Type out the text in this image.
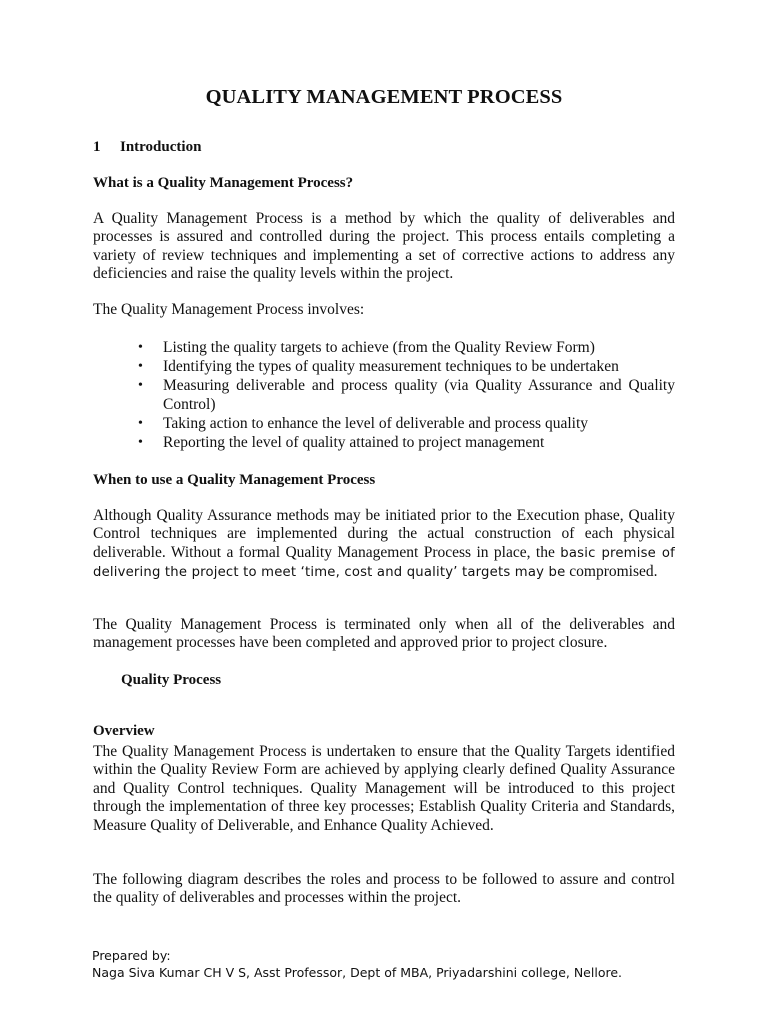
QUALITY MANAGEMENT PROCESS
1 Introduction
What is a Quality Management Process?

A Quality Management Process is a method by which the quality of deliverables and processes is assured and controlled during the project. This process entails completing a variety of review techniques and implementing a set of corrective actions to address any deficiencies and raise the quality levels within the project.

The Quality Management Process involves:

• Listing the quality targets to achieve (from the Quality Review Form)
• Identifying the types of quality measurement techniques to be undertaken
• Measuring deliverable and process quality (via Quality Assurance and Quality Control)
• Taking action to enhance the level of deliverable and process quality
• Reporting the level of quality attained to project management
When to use a Quality Management Process

Although Quality Assurance methods may be initiated prior to the Execution phase, Quality Control techniques are implemented during the actual construction of each physical deliverable. Without a formal Quality Management Process in place, the basic premise of delivering the project to meet ‘time, cost and quality’ targets may be compromised.

The Quality Management Process is terminated only when all of the deliverables and management processes have been completed and approved prior to project closure.

Quality Process
Overview

The Quality Management Process is undertaken to ensure that the Quality Targets identified within the Quality Review Form are achieved by applying clearly defined Quality Assurance and Quality Control techniques. Quality Management will be introduced to this project through the implementation of three key processes; Establish Quality Criteria and Standards, Measure Quality of Deliverable, and Enhance Quality Achieved.

The following diagram describes the roles and process to be followed to assure and control the quality of deliverables and processes within the project.

Prepared by:
Naga Siva Kumar CH V S, Asst Professor, Dept of MBA, Priyadarshini college, Nellore.
